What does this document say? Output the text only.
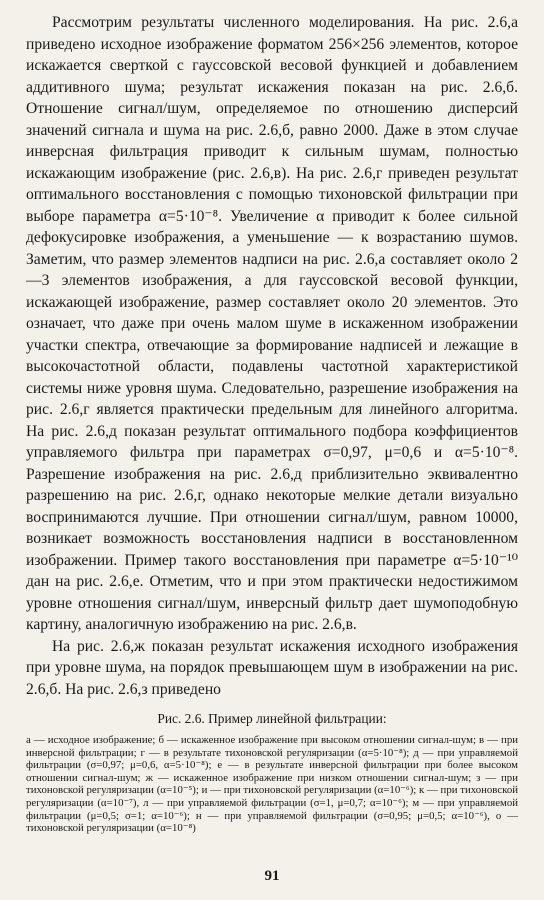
Рассмотрим результаты численного моделирования. На рис. 2.6,а приведено исходное изображение форматом 256×256 элементов, которое искажается сверткой с гауссовской весовой функцией и добавлением аддитивного шума; результат искажения показан на рис. 2.6,б. Отношение сигнал/шум, определяемое по отношению дисперсий значений сигнала и шума на рис. 2.6,б, равно 2000. Даже в этом случае инверсная фильтрация приводит к сильным шумам, полностью искажающим изображение (рис. 2.6,в). На рис. 2.6,г приведен результат оптимального восстановления с помощью тихоновской фильтрации при выборе параметра α=5·10⁻⁸. Увеличение α приводит к более сильной дефокусировке изображения, а уменьшение — к возрастанию шумов. Заметим, что размер элементов надписи на рис. 2.6,а составляет около 2—3 элементов изображения, а для гауссовской весовой функции, искажающей изображение, размер составляет около 20 элементов. Это означает, что даже при очень малом шуме в искаженном изображении участки спектра, отвечающие за формирование надписей и лежащие в высокочастотной области, подавлены частотной характеристикой системы ниже уровня шума. Следовательно, разрешение изображения на рис. 2.6,г является практически предельным для линейного алгоритма. На рис. 2.6,д показан результат оптимального подбора коэффициентов управляемого фильтра при параметрах σ=0,97, μ=0,6 и α=5·10⁻⁸. Разрешение изображения на рис. 2.6,д приблизительно эквивалентно разрешению на рис. 2.6,г, однако некоторые мелкие детали визуально воспринимаются лучшие. При отношении сигнал/шум, равном 10000, возникает возможность восстановления надписи в восстановленном изображении. Пример такого восстановления при параметре α=5·10⁻¹⁰ дан на рис. 2.6,е. Отметим, что и при этом практически недостижимом уровне отношения сигнал/шум, инверсный фильтр дает шумоподобную картину, аналогичную изображению на рис. 2.6,в.

На рис. 2.6,ж показан результат искажения исходного изображения при уровне шума, на порядок превышающем шум в изображении на рис. 2.6,б. На рис. 2.6,з приведено

Рис. 2.6. Пример линейной фильтрации:
а — исходное изображение; б — искаженное изображение при высоком отношении сигнал-шум; в — при инверсной фильтрации; г — в результате тихоновской регуляризации (α=5·10⁻⁸); д — при управляемой фильтрации (σ=0,97; μ=0,6, α=5·10⁻⁸); е — в результате инверсной фильтрации при более высоком отношении сигнал-шум; ж — искаженное изображение при низком отношении сигнал-шум; з — при тихоновской регуляризации (α=10⁻⁵); и — при тихоновской регуляризации (α=10⁻⁶); к — при тихоновской регуляризации (α=10⁻⁷), л — при управляемой фильтрации (σ=1, μ=0,7; α=10⁻⁶); м — при управляемой фильтрации (μ=0,5; σ=1; α=10⁻⁶); н — при управляемой фильтрации (σ=0,95; μ=0,5; α=10⁻⁶), о — тихоновской регуляризации (α=10⁻⁸)
91
